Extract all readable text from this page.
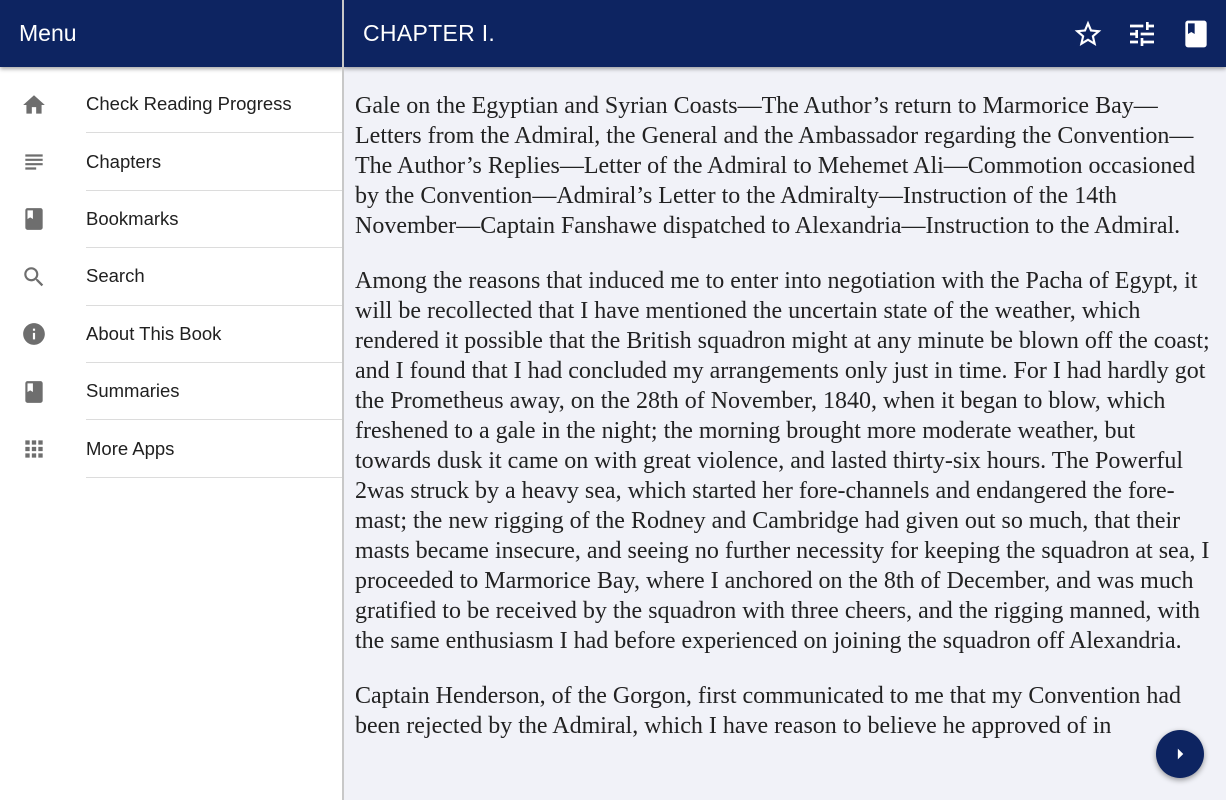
Menu
Check Reading Progress
Chapters
Bookmarks
Search
About This Book
Summaries
More Apps
CHAPTER I.

Gale on the Egyptian and Syrian Coasts—The Author’s return to Marmorice Bay—Letters from the Admiral, the General and the Ambassador regarding the Convention—The Author’s Replies—Letter of the Admiral to Mehemet Ali—Commotion occasioned by the Convention—Admiral’s Letter to the Admiralty—Instruction of the 14th November—Captain Fanshawe dispatched to Alexandria—Instruction to the Admiral.

Among the reasons that induced me to enter into negotiation with the Pacha of Egypt, it will be recollected that I have mentioned the uncertain state of the weather, which rendered it possible that the British squadron might at any minute be blown off the coast; and I found that I had concluded my arrangements only just in time. For I had hardly got the Prometheus away, on the 28th of November, 1840, when it began to blow, which freshened to a gale in the night; the morning brought more moderate weather, but towards dusk it came on with great violence, and lasted thirty-six hours. The Powerful 2was struck by a heavy sea, which started her fore-channels and endangered the fore-mast; the new rigging of the Rodney and Cambridge had given out so much, that their masts became insecure, and seeing no further necessity for keeping the squadron at sea, I proceeded to Marmorice Bay, where I anchored on the 8th of December, and was much gratified to be received by the squadron with three cheers, and the rigging manned, with the same enthusiasm I had before experienced on joining the squadron off Alexandria.

Captain Henderson, of the Gorgon, first communicated to me that my Convention had been rejected by the Admiral, which I have reason to believe he approved of in
